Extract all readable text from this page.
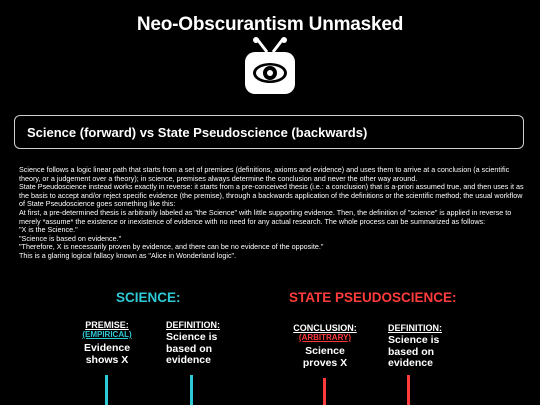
Neo-Obscurantism Unmasked
Science (forward) vs State Pseudoscience (backwards)

Science follows a logic linear path that starts from a set of premises (definitions, axioms and evidence) and uses them to arrive at a conclusion (a scientific theory, or a judgement over a theory); in science, premises always determine the conclusion and never the other way around.

State Pseudoscience instead works exactly in reverse: it starts from a pre-conceived thesis (i.e.: a conclusion) that is a-priori assumed true, and then uses it as the basis to accept and/or reject specific evidence (the premise), through a backwards application of the definitions or the scientific method; the usual workflow of State Pseudoscience goes something like this:

At first, a pre-determined thesis is arbitrarily labeled as "the Science" with little supporting evidence. Then, the definition of "science" is applied in reverse to merely *assume* the existence or inexistence of evidence with no need for any actual research. The whole process can be summarized as follows:

"X is the Science."

"Science is based on evidence."

"Therefore, X is necessarily proven by evidence, and there can be no evidence of the opposite."

This is a glaring logical fallacy known as "Alice in Wonderland logic".

SCIENCE:	STATE PSEUDOSCIENCE:
PREMISE:
(EMPIRICAL)
Evidence shows X
DEFINITION:
Science is based on evidence
CONCLUSION:
(ARBITRARY)
Science proves X
DEFINITION:
Science is based on evidence
